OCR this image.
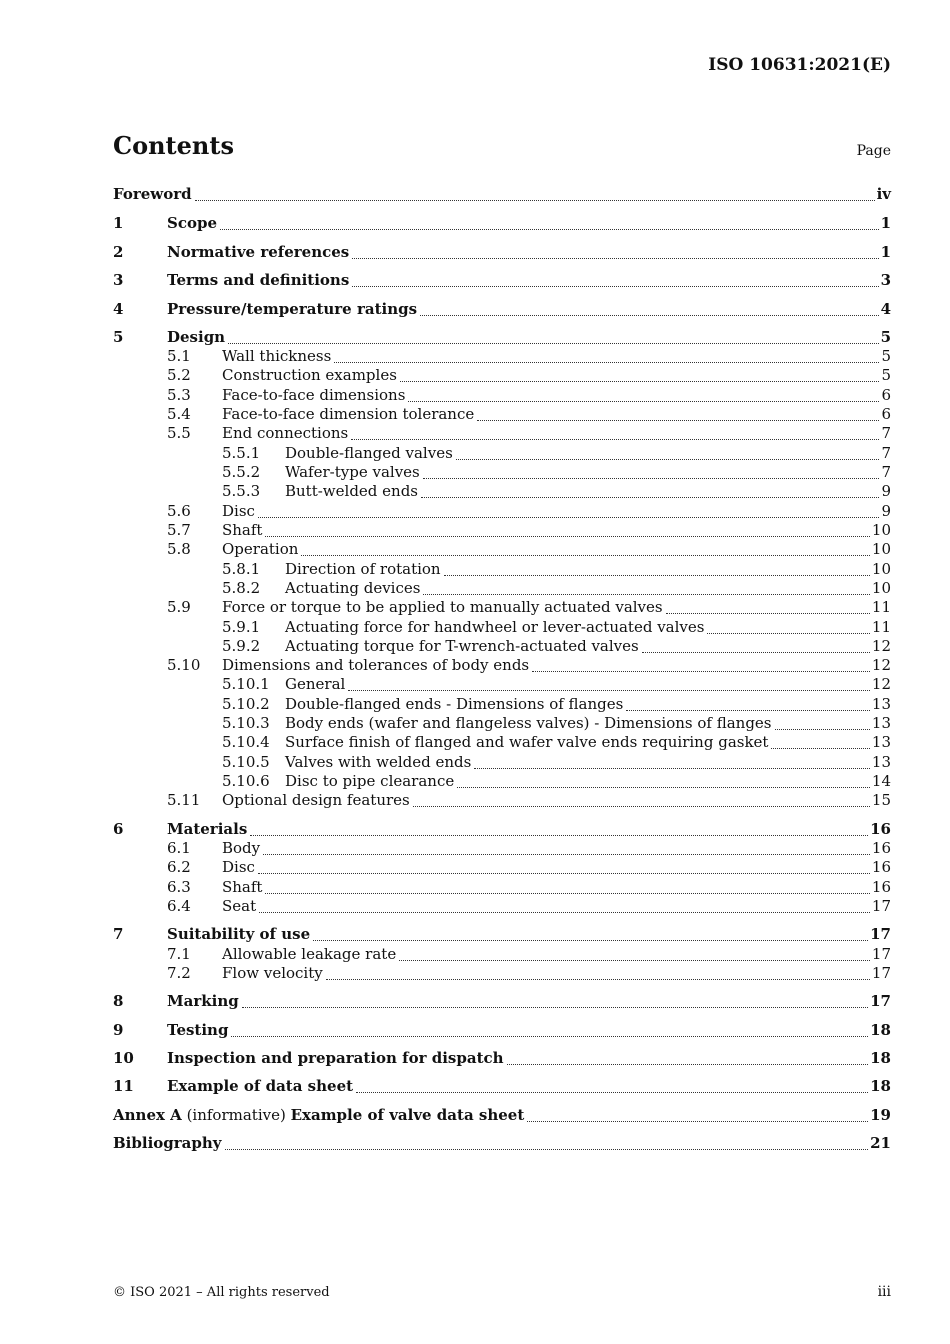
ISO 10631:2021(E)
Contents	Page
Foreword	iv
1	Scope	1
2	Normative references	1
3	Terms and definitions	3
4	Pressure/temperature ratings	4
5	Design	5
5.1	Wall thickness	5
5.2	Construction examples	5
5.3	Face-to-face dimensions	6
5.4	Face-to-face dimension tolerance	6
5.5	End connections	7
5.5.1	Double-flanged valves	7
5.5.2	Wafer-type valves	7
5.5.3	Butt-welded ends	9
5.6	Disc	9
5.7	Shaft	10
5.8	Operation	10
5.8.1	Direction of rotation	10
5.8.2	Actuating devices	10
5.9	Force or torque to be applied to manually actuated valves	11
5.9.1	Actuating force for handwheel or lever-actuated valves	11
5.9.2	Actuating torque for T-wrench-actuated valves	12
5.10	Dimensions and tolerances of body ends	12
5.10.1	General	12
5.10.2	Double-flanged ends - Dimensions of flanges	13
5.10.3	Body ends (wafer and flangeless valves) - Dimensions of flanges	13
5.10.4	Surface finish of flanged and wafer valve ends requiring gasket	13
5.10.5	Valves with welded ends	13
5.10.6	Disc to pipe clearance	14
5.11	Optional design features	15
6	Materials	16
6.1	Body	16
6.2	Disc	16
6.3	Shaft	16
6.4	Seat	17
7	Suitability of use	17
7.1	Allowable leakage rate	17
7.2	Flow velocity	17
8	Marking	17
9	Testing	18
10	Inspection and preparation for dispatch	18
11	Example of data sheet	18
Annex A (informative) Example of valve data sheet	19
Bibliography	21
© ISO 2021 – All rights reserved	iii
